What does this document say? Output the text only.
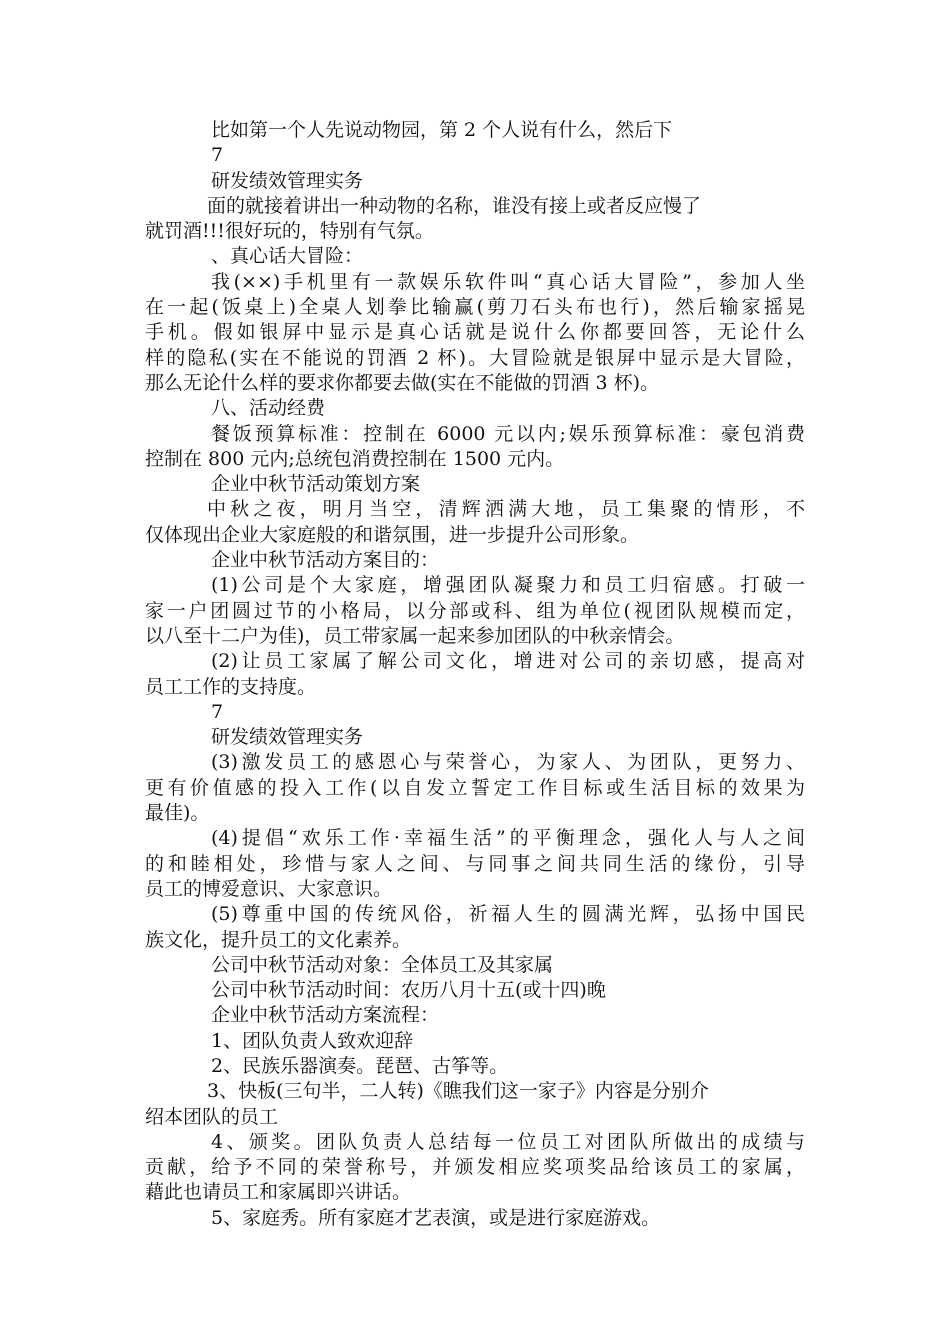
比如第一个人先说动物园，第 2 个人说有什么，然后下
7
研发绩效管理实务
面的就接着讲出一种动物的名称，谁没有接上或者反应慢了
就罚酒!!!很好玩的，特别有气氛。
、真心话大冒险：
我(××)手机里有一款娱乐软件叫“真心话大冒险”，参加人坐
在一起(饭桌上)全桌人划拳比输赢(剪刀石头布也行)，然后输家摇晃
手机。假如银屏中显示是真心话就是说什么你都要回答，无论什么
样的隐私(实在不能说的罚酒 2 杯)。大冒险就是银屏中显示是大冒险，
那么无论什么样的要求你都要去做(实在不能做的罚酒 3 杯)。
八、活动经费
餐饭预算标准：控制在 6000 元以内;娱乐预算标准：豪包消费
控制在 800 元内;总统包消费控制在 1500 元内。
企业中秋节活动策划方案
中秋之夜，明月当空，清辉洒满大地，员工集聚的情形，不
仅体现出企业大家庭般的和谐氛围，进一步提升公司形象。
企业中秋节活动方案目的：
(1)公司是个大家庭，增强团队凝聚力和员工归宿感。打破一
家一户团圆过节的小格局，以分部或科、组为单位(视团队规模而定，
以八至十二户为佳)，员工带家属一起来参加团队的中秋亲情会。
(2)让员工家属了解公司文化，增进对公司的亲切感，提高对
员工工作的支持度。
7
研发绩效管理实务
(3)激发员工的感恩心与荣誉心，为家人、为团队，更努力、
更有价值感的投入工作(以自发立誓定工作目标或生活目标的效果为
最佳)。
(4)提倡“欢乐工作·幸福生活”的平衡理念，强化人与人之间
的和睦相处，珍惜与家人之间、与同事之间共同生活的缘份，引导
员工的博爱意识、大家意识。
(5)尊重中国的传统风俗，祈福人生的圆满光辉，弘扬中国民
族文化，提升员工的文化素养。
公司中秋节活动对象：全体员工及其家属
公司中秋节活动时间：农历八月十五(或十四)晚
企业中秋节活动方案流程：
1、团队负责人致欢迎辞
2、民族乐器演奏。琵琶、古筝等。
3、快板(三句半，二人转)《瞧我们这一家子》内容是分别介
绍本团队的员工
4、颁奖。团队负责人总结每一位员工对团队所做出的成绩与
贡献，给予不同的荣誉称号，并颁发相应奖项奖品给该员工的家属，
藉此也请员工和家属即兴讲话。
5、家庭秀。所有家庭才艺表演，或是进行家庭游戏。
